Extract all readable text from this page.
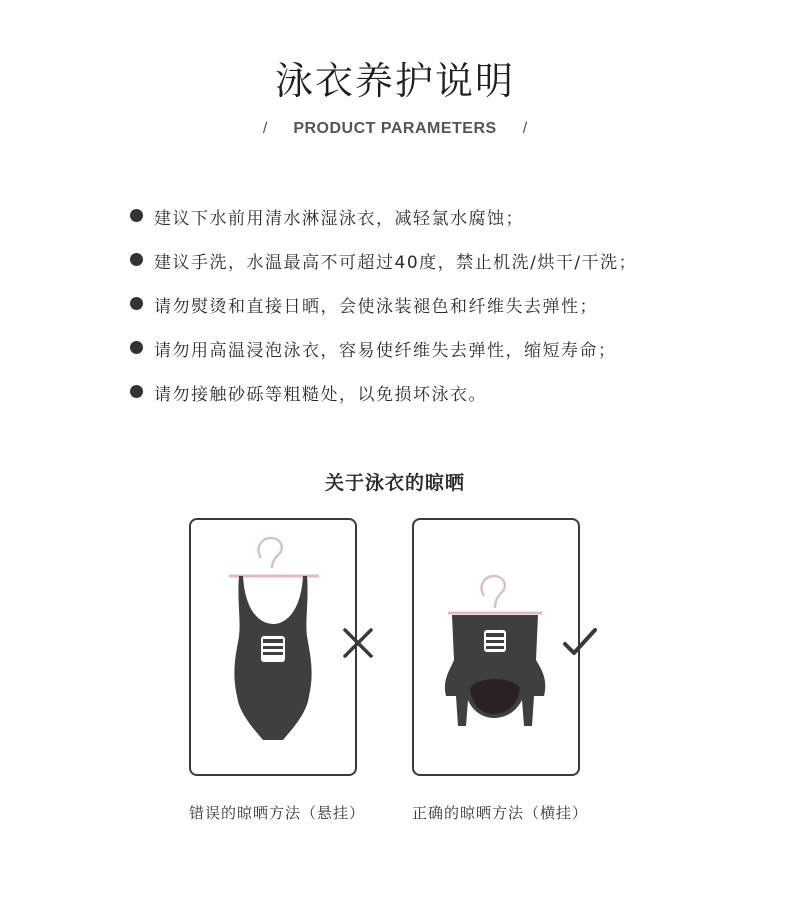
泳衣养护说明
/ PRODUCT PARAMETERS /
建议下水前用清水淋湿泳衣，减轻氯水腐蚀；
建议手洗，水温最高不可超过40度，禁止机洗/烘干/干洗；
请勿熨烫和直接日晒，会使泳装褪色和纤维失去弹性；
请勿用高温浸泡泳衣，容易使纤维失去弹性，缩短寿命；
请勿接触砂砾等粗糙处，以免损坏泳衣。
关于泳衣的晾晒
错误的晾晒方法（悬挂）	正确的晾晒方法（横挂）
